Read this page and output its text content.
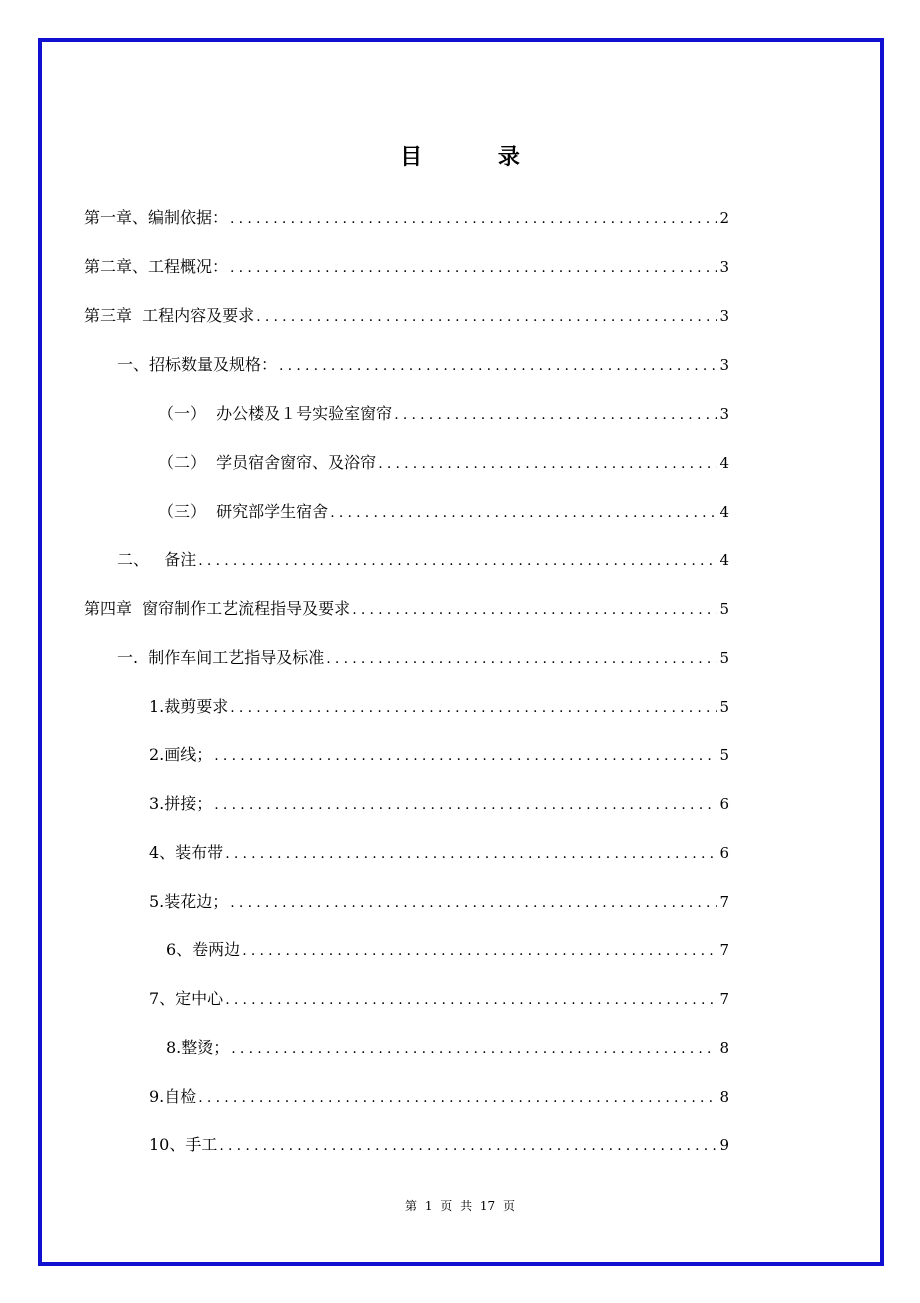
目 录
第一章、编制依据： .....	2
第二章、工程概况： .....	3
第三章  工程内容及要求 .....	3
一、招标数量及规格： .....	3
（一）  办公楼及１号实验室窗帘 .....	3
（二）  学员宿舍窗帘、及浴帘 .....	4
（三）  研究部学生宿舍 .....	4
二、   备注 .....	4
第四章  窗帘制作工艺流程指导及要求 .....	5
一.  制作车间工艺指导及标准 .....	5
1.裁剪要求 .....	5
2.画线； .....	5
3.拼接； .....	6
4、装布带 .....	6
5.装花边； .....	7
6、卷两边 .....	7
7、定中心 .....	7
8.整烫； .....	8
9.自检 .....	8
10、手工 .....	9
第 1 页 共 17 页
